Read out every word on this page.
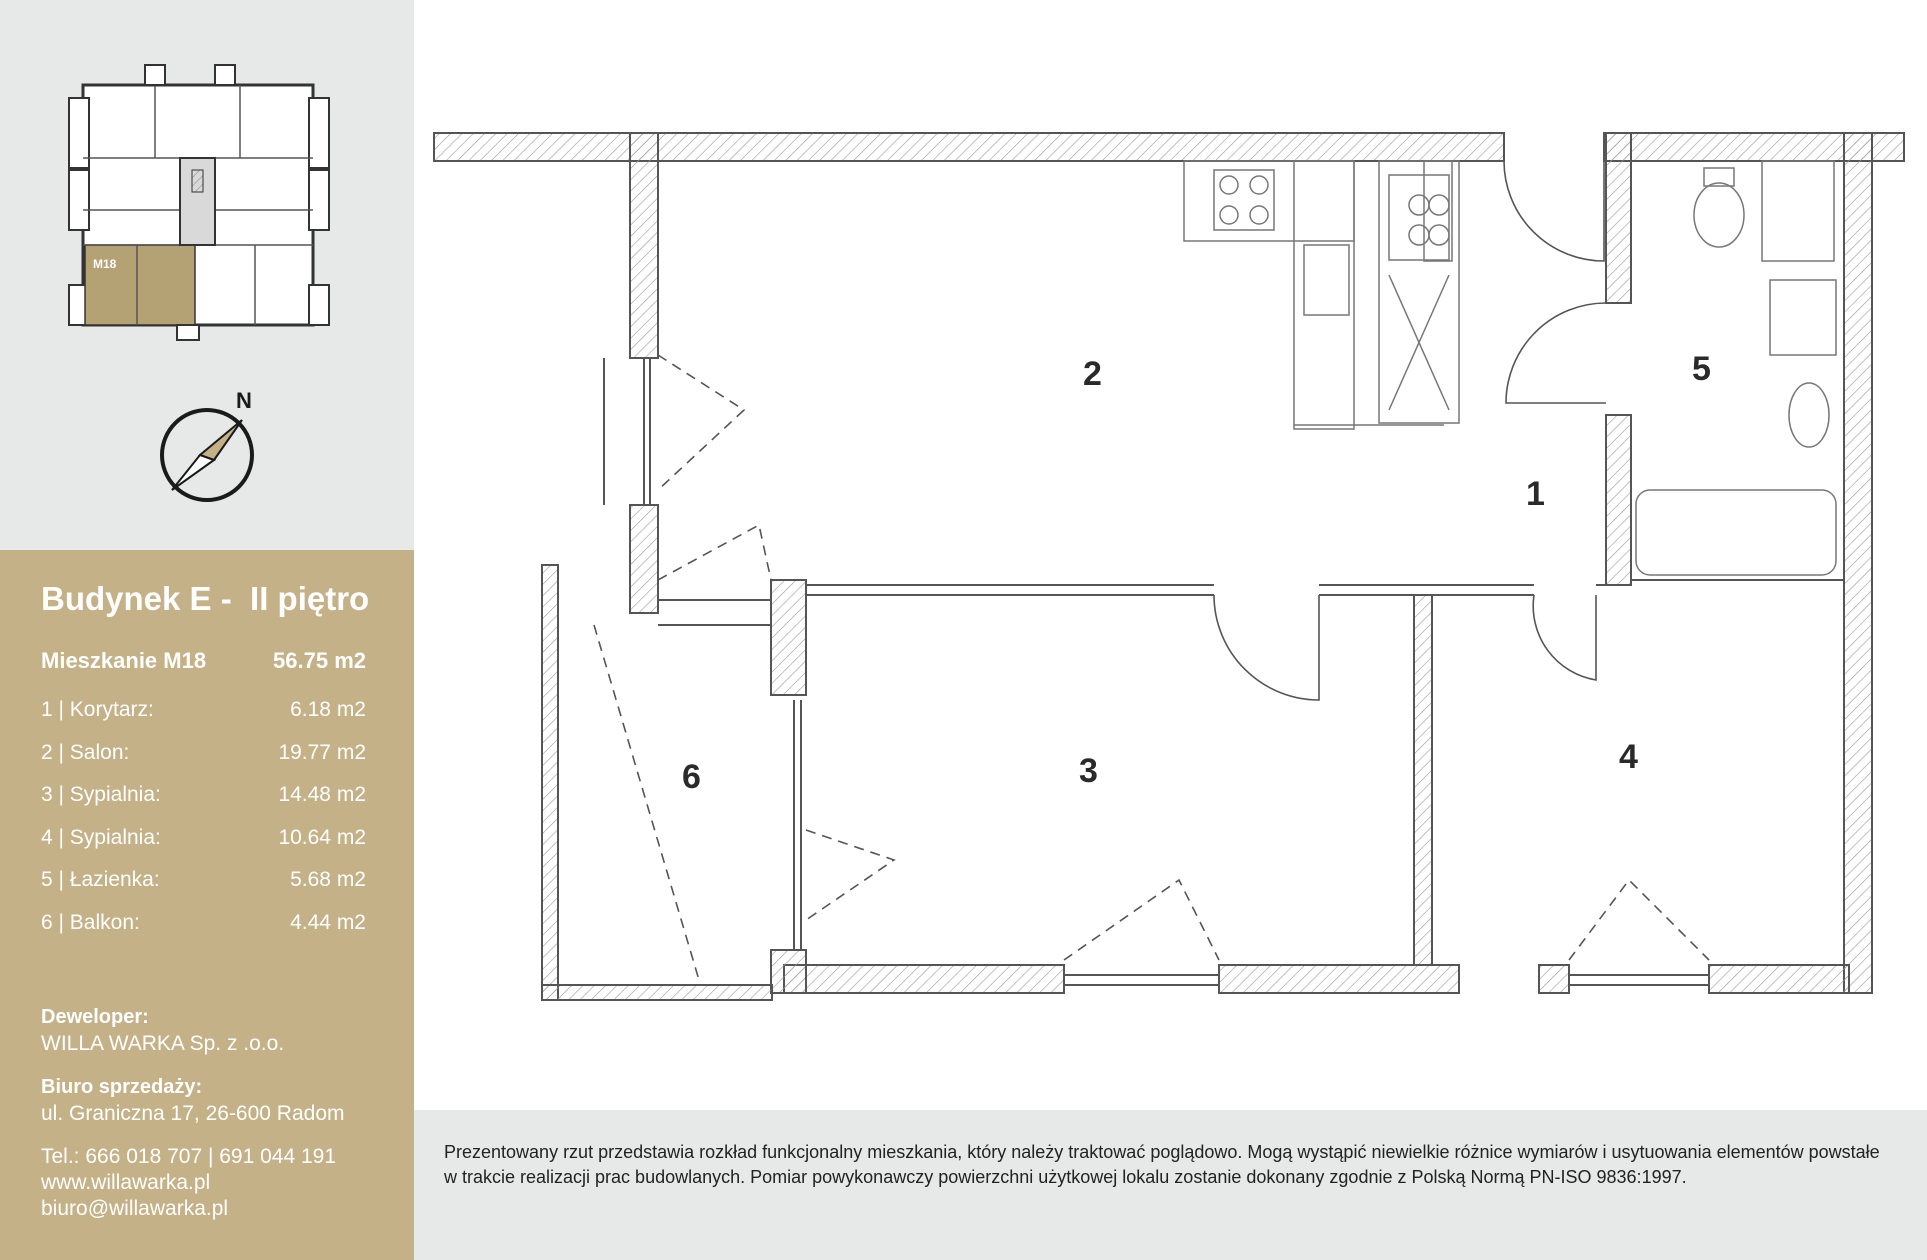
M18
N
Budynek E -  II piętro
Mieszkanie M18	56.75 m2
1 | Korytarz:	6.18 m2
2 | Salon:	19.77 m2
3 | Sypialnia:	14.48 m2
4 | Sypialnia:	10.64 m2
5 | Łazienka:	5.68 m2
6 | Balkon:	4.44 m2
Deweloper:
WILLA WARKA Sp. z .o.o.
Biuro sprzedaży:
ul. Graniczna 17, 26-600 Radom
Tel.: 666 018 707 | 691 044 191
www.willawarka.pl
biuro@willawarka.pl
2
1
5
3	4
6

Prezentowany rzut przedstawia rozkład funkcjonalny mieszkania, który należy traktować poglądowo. Mogą wystąpić niewielkie różnice wymiarów i usytuowania elementów powstałe w trakcie realizacji prac budowlanych. Pomiar powykonawczy powierzchni użytkowej lokalu zostanie dokonany zgodnie z Polską Normą PN-ISO 9836:1997.
